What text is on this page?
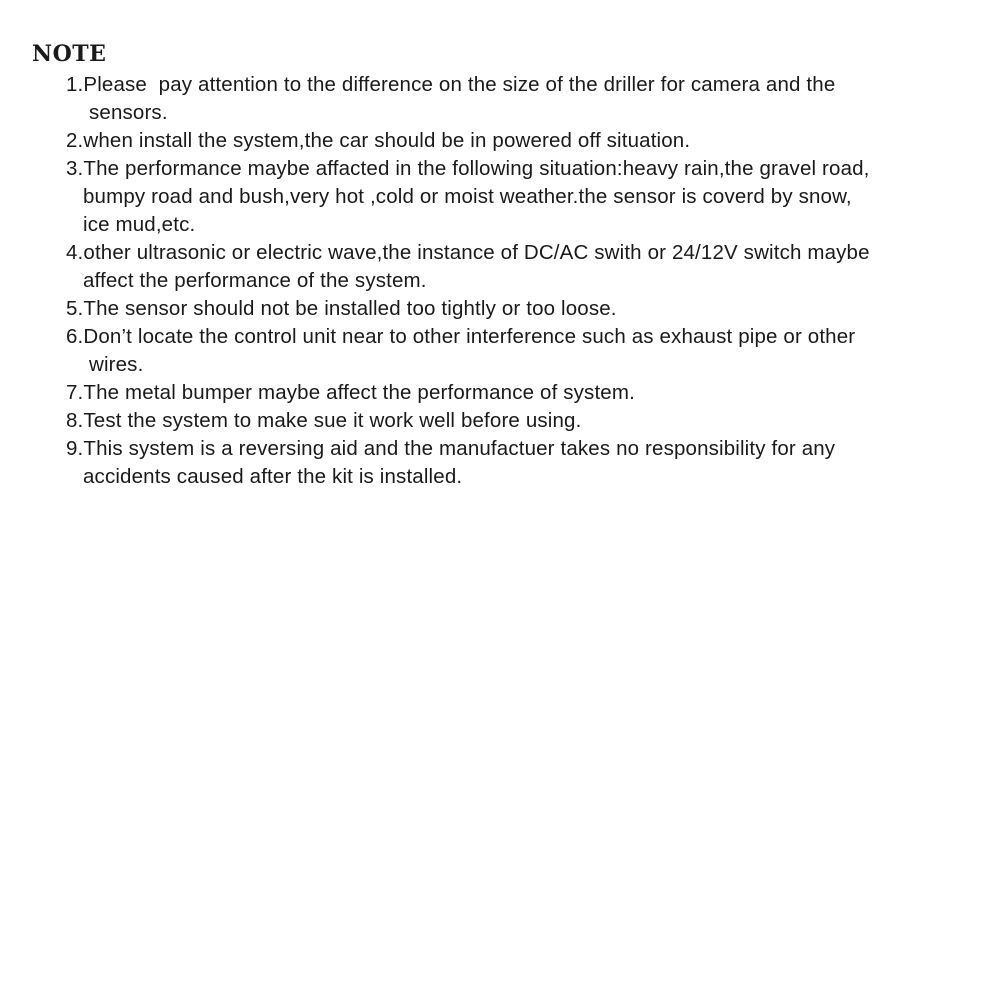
NOTE
1.Please  pay attention to the difference on the size of the driller for camera and the
sensors.
2.when install the system,the car should be in powered off situation.
3.The performance maybe affacted in the following situation:heavy rain,the gravel road,
bumpy road and bush,very hot ,cold or moist weather.the sensor is coverd by snow,
ice mud,etc.
4.other ultrasonic or electric wave,the instance of DC/AC swith or 24/12V switch maybe
affect the performance of the system.
5.The sensor should not be installed too tightly or too loose.
6.Don’t locate the control unit near to other interference such as exhaust pipe or other
wires.
7.The metal bumper maybe affect the performance of system.
8.Test the system to make sue it work well before using.
9.This system is a reversing aid and the manufactuer takes no responsibility for any
accidents caused after the kit is installed.
